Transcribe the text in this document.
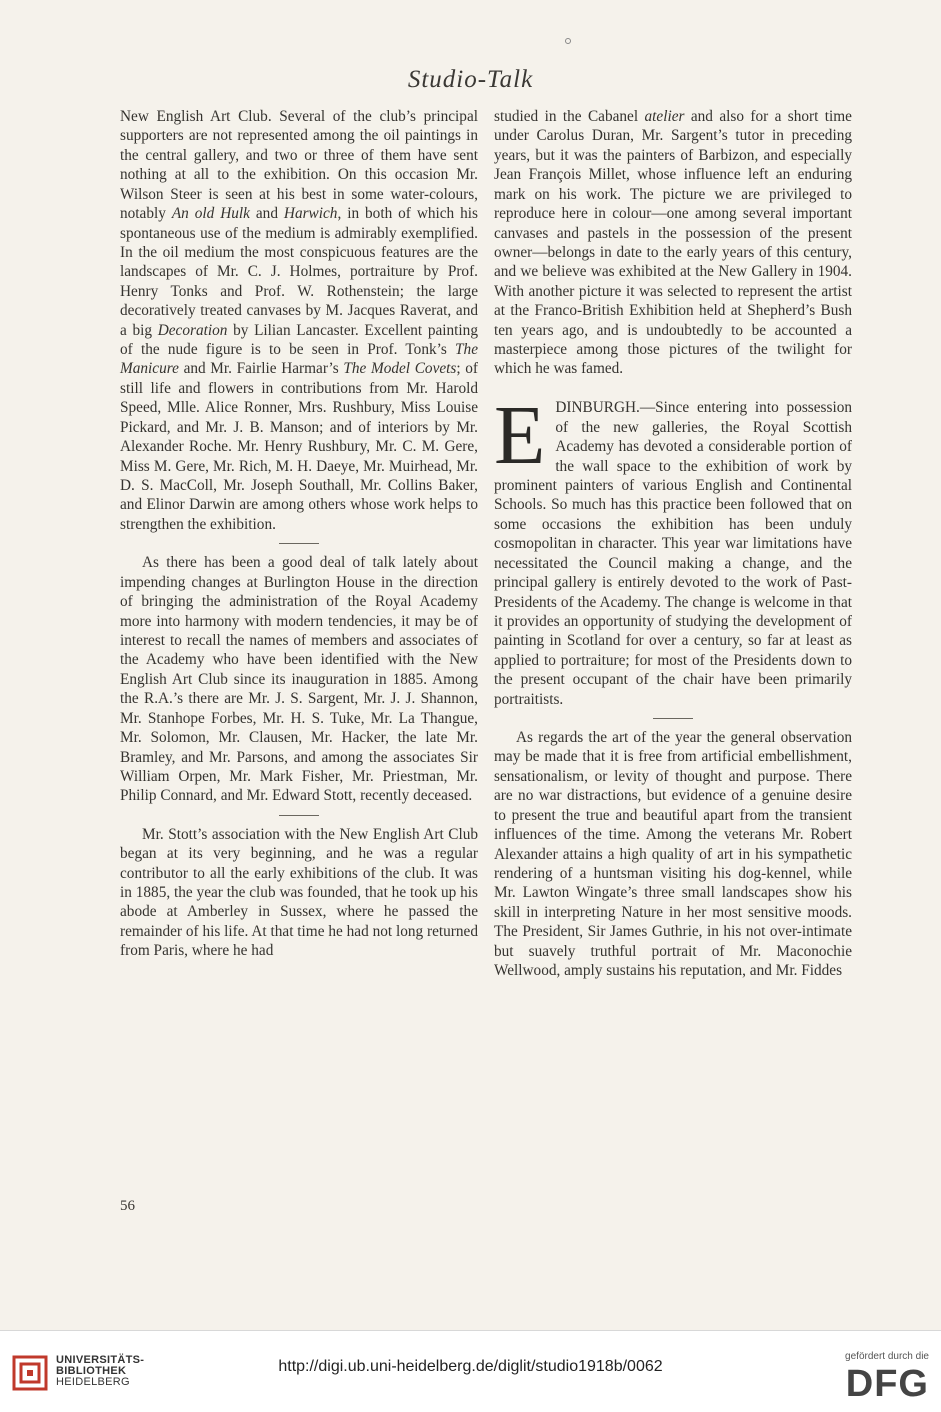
Studio-Talk

New English Art Club. Several of the club’s principal supporters are not represented among the oil paintings in the central gallery, and two or three of them have sent nothing at all to the exhibition. On this occasion Mr. Wilson Steer is seen at his best in some water-colours, notably An old Hulk and Harwich, in both of which his spontaneous use of the medium is admirably exemplified. In the oil medium the most conspicuous features are the landscapes of Mr. C. J. Holmes, portraiture by Prof. Henry Tonks and Prof. W. Rothenstein; the large decoratively treated canvases by M. Jacques Raverat, and a big Decoration by Lilian Lancaster. Excellent painting of the nude figure is to be seen in Prof. Tonk’s The Manicure and Mr. Fairlie Harmar’s The Model Covets; of still life and flowers in contributions from Mr. Harold Speed, Mlle. Alice Ronner, Mrs. Rushbury, Miss Louise Pickard, and Mr. J. B. Manson; and of interiors by Mr. Alexander Roche. Mr. Henry Rushbury, Mr. C. M. Gere, Miss M. Gere, Mr. Rich, M. H. Daeye, Mr. Muirhead, Mr. D. S. MacColl, Mr. Joseph Southall, Mr. Collins Baker, and Elinor Darwin are among others whose work helps to strengthen the exhibition.

As there has been a good deal of talk lately about impending changes at Burlington House in the direction of bringing the administration of the Royal Academy more into harmony with modern tendencies, it may be of interest to recall the names of members and associates of the Academy who have been identified with the New English Art Club since its inauguration in 1885. Among the R.A.’s there are Mr. J. S. Sargent, Mr. J. J. Shannon, Mr. Stanhope Forbes, Mr. H. S. Tuke, Mr. La Thangue, Mr. Solomon, Mr. Clausen, Mr. Hacker, the late Mr. Bramley, and Mr. Parsons, and among the associates Sir William Orpen, Mr. Mark Fisher, Mr. Priestman, Mr. Philip Connard, and Mr. Edward Stott, recently deceased.

Mr. Stott’s association with the New English Art Club began at its very beginning, and he was a regular contributor to all the early exhibitions of the club. It was in 1885, the year the club was founded, that he took up his abode at Amberley in Sussex, where he passed the remainder of his life. At that time he had not long returned from Paris, where he had

studied in the Cabanel atelier and also for a short time under Carolus Duran, Mr. Sargent’s tutor in preceding years, but it was the painters of Barbizon, and especially Jean François Millet, whose influence left an enduring mark on his work. The picture we are privileged to reproduce here in colour—one among several important canvases and pastels in the possession of the present owner—belongs in date to the early years of this century, and we believe was exhibited at the New Gallery in 1904. With another picture it was selected to represent the artist at the Franco-British Exhibition held at Shepherd’s Bush ten years ago, and is undoubtedly to be accounted a masterpiece among those pictures of the twilight for which he was famed.

EDINBURGH.—Since entering into possession of the new galleries, the Royal Scottish Academy has devoted a considerable portion of the wall space to the exhibition of work by prominent painters of various English and Continental Schools. So much has this practice been followed that on some occasions the exhibition has been unduly cosmopolitan in character. This year war limitations have necessitated the Council making a change, and the principal gallery is entirely devoted to the work of Past-Presidents of the Academy. The change is welcome in that it provides an opportunity of studying the development of painting in Scotland for over a century, so far at least as applied to portraiture; for most of the Presidents down to the present occupant of the chair have been primarily portraitists.

As regards the art of the year the general observation may be made that it is free from artificial embellishment, sensationalism, or levity of thought and purpose. There are no war distractions, but evidence of a genuine desire to present the true and beautiful apart from the transient influences of the time. Among the veterans Mr. Robert Alexander attains a high quality of art in his sympathetic rendering of a huntsman visiting his dog-kennel, while Mr. Lawton Wingate’s three small landscapes show his skill in interpreting Nature in her most sensitive moods. The President, Sir James Guthrie, in his not over-intimate but suavely truthful portrait of Mr. Maconochie Wellwood, amply sustains his reputation, and Mr. Fiddes

56
UNIVERSITÄTS-
BIBLIOTHEK
HEIDELBERG
http://digi.ub.uni-heidelberg.de/diglit/studio1918b/0062
gefördert durch die
DFG
